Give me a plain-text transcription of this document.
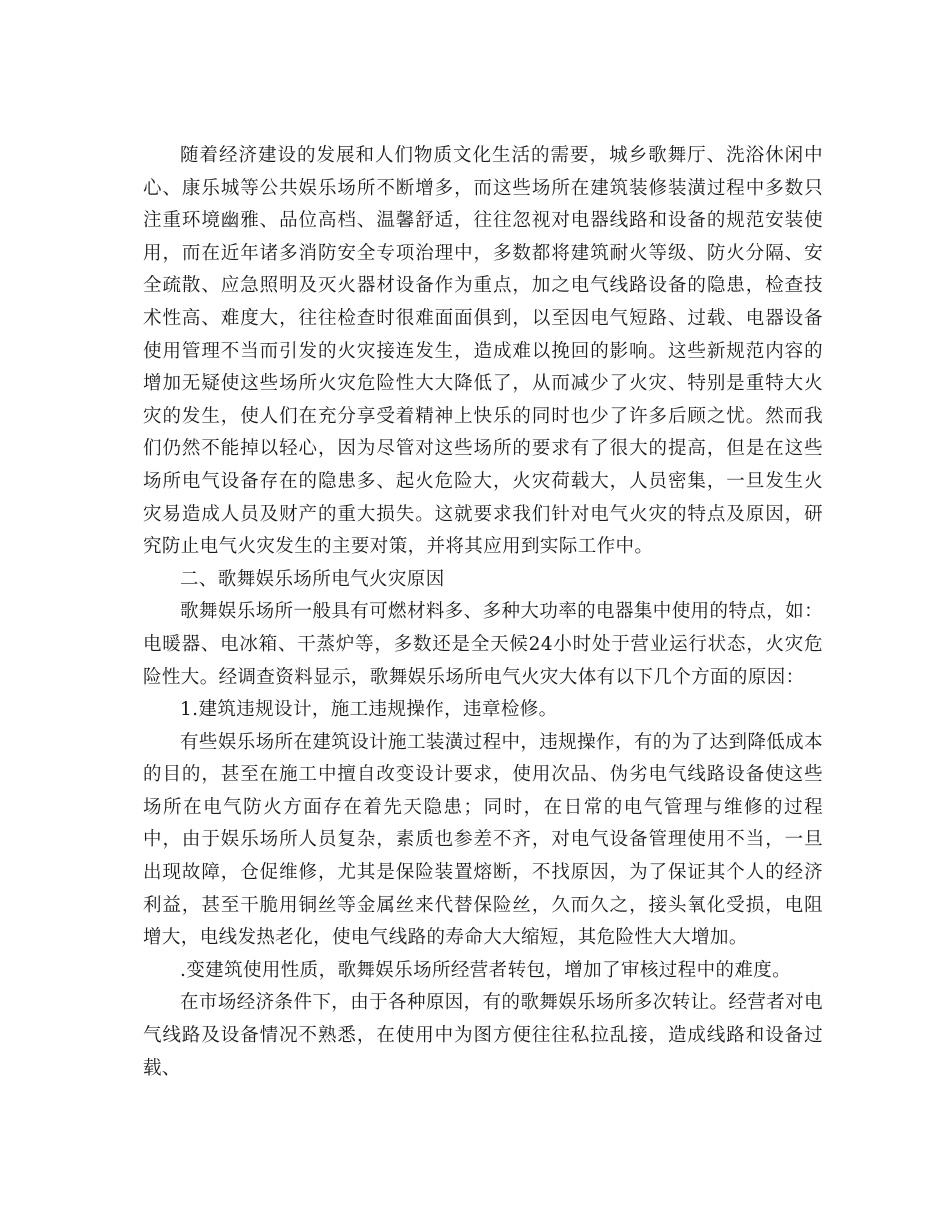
随着经济建设的发展和人们物质文化生活的需要，城乡歌舞厅、洗浴休闲中心、康乐城等公共娱乐场所不断增多，而这些场所在建筑装修装潢过程中多数只注重环境幽雅、品位高档、温馨舒适，往往忽视对电器线路和设备的规范安装使用，而在近年诸多消防安全专项治理中，多数都将建筑耐火等级、防火分隔、安全疏散、应急照明及灭火器材设备作为重点，加之电气线路设备的隐患，检查技术性高、难度大，往往检查时很难面面俱到，以至因电气短路、过载、电器设备使用管理不当而引发的火灾接连发生，造成难以挽回的影响。这些新规范内容的增加无疑使这些场所火灾危险性大大降低了，从而减少了火灾、特别是重特大火灾的发生，使人们在充分享受着精神上快乐的同时也少了许多后顾之忧。然而我们仍然不能掉以轻心，因为尽管对这些场所的要求有了很大的提高，但是在这些场所电气设备存在的隐患多、起火危险大，火灾荷载大，人员密集，一旦发生火灾易造成人员及财产的重大损失。这就要求我们针对电气火灾的特点及原因，研究防止电气火灾发生的主要对策，并将其应用到实际工作中。

二、歌舞娱乐场所电气火灾原因

歌舞娱乐场所一般具有可燃材料多、多种大功率的电器集中使用的特点，如：电暖器、电冰箱、干蒸炉等，多数还是全天候24小时处于营业运行状态，火灾危险性大。经调查资料显示，歌舞娱乐场所电气火灾大体有以下几个方面的原因：

1.建筑违规设计，施工违规操作，违章检修。

有些娱乐场所在建筑设计施工装潢过程中，违规操作，有的为了达到降低成本的目的，甚至在施工中擅自改变设计要求，使用次品、伪劣电气线路设备使这些场所在电气防火方面存在着先天隐患；同时，在日常的电气管理与维修的过程中，由于娱乐场所人员复杂，素质也参差不齐，对电气设备管理使用不当，一旦出现故障，仓促维修，尤其是保险装置熔断，不找原因，为了保证其个人的经济利益，甚至干脆用铜丝等金属丝来代替保险丝，久而久之，接头氧化受损，电阻增大，电线发热老化，使电气线路的寿命大大缩短，其危险性大大增加。

.变建筑使用性质，歌舞娱乐场所经营者转包，增加了审核过程中的难度。

在市场经济条件下，由于各种原因，有的歌舞娱乐场所多次转让。经营者对电气线路及设备情况不熟悉，在使用中为图方便往往私拉乱接，造成线路和设备过载、
